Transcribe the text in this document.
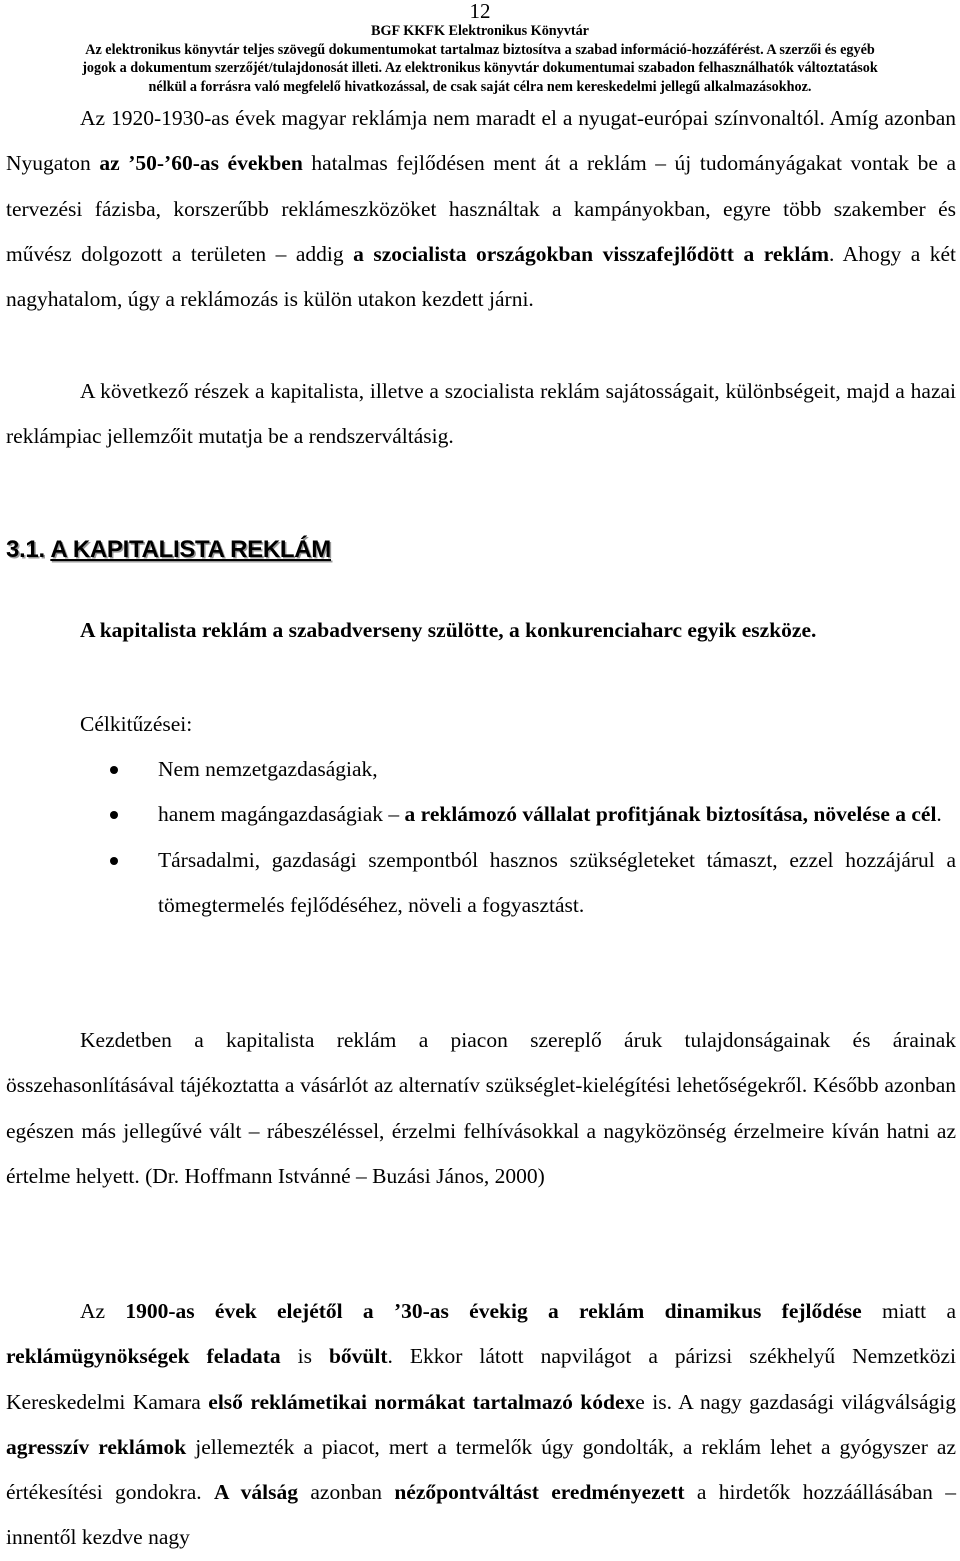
12
BGF KKFK Elektronikus Könyvtár
Az elektronikus könyvtár teljes szövegű dokumentumokat tartalmaz biztosítva a szabad információ-hozzáférést. A szerzői és egyéb
jogok a dokumentum szerzőjét/tulajdonosát illeti. Az elektronikus könyvtár dokumentumai szabadon felhasználhatók változtatások
nélkül a forrásra való megfelelő hivatkozással, de csak saját célra nem kereskedelmi jellegű alkalmazásokhoz.

Az 1920-1930-as évek magyar reklámja nem maradt el a nyugat-európai színvonaltól. Amíg azonban Nyugaton az ’50-’60-as években hatalmas fejlődésen ment át a reklám – új tudományágakat vontak be a tervezési fázisba, korszerűbb reklámeszközöket használtak a kampányokban, egyre több szakember és művész dolgozott a területen – addig a szocialista országokban visszafejlődött a reklám. Ahogy a két nagyhatalom, úgy a reklámozás is külön utakon kezdett járni.

A következő részek a kapitalista, illetve a szocialista reklám sajátosságait, különbségeit, majd a hazai reklámpiac jellemzőit mutatja be a rendszerváltásig.

3.1. A KAPITALISTA REKLÁM

A kapitalista reklám a szabadverseny szülötte, a konkurenciaharc egyik eszköze.

Célkitűzései:
Nem nemzetgazdaságiak,
hanem magángazdaságiak – a reklámozó vállalat profitjának biztosítása, növelése a cél.
Társadalmi, gazdasági szempontból hasznos szükségleteket támaszt, ezzel hozzájárul a tömegtermelés fejlődéséhez, növeli a fogyasztást.

Kezdetben a kapitalista reklám a piacon szereplő áruk tulajdonságainak és árainak összehasonlításával tájékoztatta a vásárlót az alternatív szükséglet-kielégítési lehetőségekről. Később azonban egészen más jellegűvé vált – rábeszéléssel, érzelmi felhívásokkal a nagyközönség érzelmeire kíván hatni az értelme helyett. (Dr. Hoffmann Istvánné – Buzási János, 2000)

Az 1900-as évek elejétől a ’30-as évekig a reklám dinamikus fejlődése miatt a reklámügynökségek feladata is bővült. Ekkor látott napvilágot a párizsi székhelyű Nemzetközi Kereskedelmi Kamara első reklámetikai normákat tartalmazó kódexe is. A nagy gazdasági világválságig agresszív reklámok jellemezték a piacot, mert a termelők úgy gondolták, a reklám lehet a gyógyszer az értékesítési gondokra. A válság azonban nézőpontváltást eredményezett a hirdetők hozzáállásában – innentől kezdve nagy
